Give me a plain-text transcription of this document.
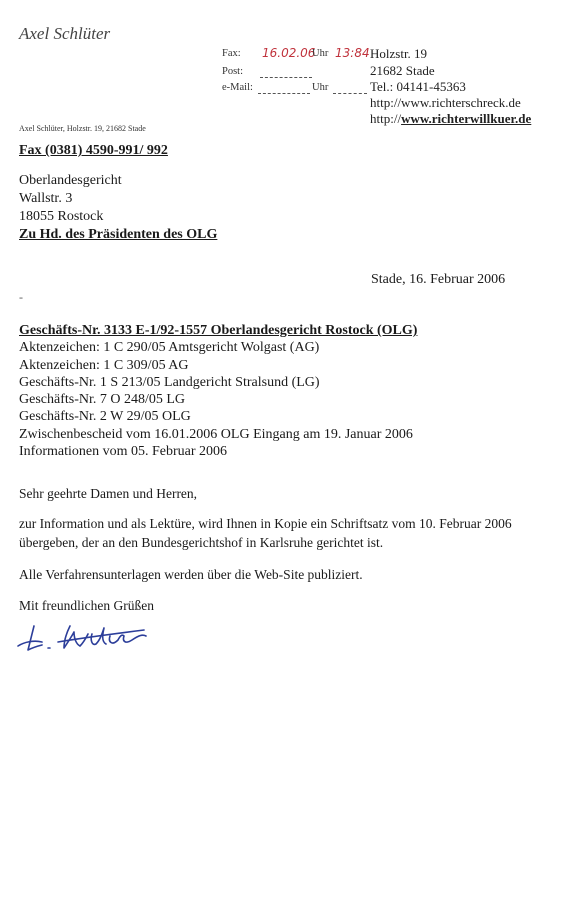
Axel Schlüter
Fax: 16.02.06
Uhr 13:84
Post:
e-Mail:	Uhr
Holzstr. 19
21682 Stade
Tel.: 04141-45363
http://www.richterschreck.de
http://www.richterwillkuer.de
Axel Schlüter, Holzstr. 19, 21682 Stade
Fax (0381) 4590-991/ 992
Oberlandesgericht
Wallstr. 3
18055 Rostock
Zu Hd. des Präsidenten des OLG
Stade, 16. Februar 2006
-
Geschäfts-Nr. 3133 E-1/92-1557 Oberlandesgericht Rostock (OLG)
Aktenzeichen: 1 C 290/05 Amtsgericht Wolgast (AG)
Aktenzeichen: 1 C 309/05 AG
Geschäfts-Nr. 1 S 213/05 Landgericht Stralsund (LG)
Geschäfts-Nr. 7 O 248/05 LG
Geschäfts-Nr. 2 W 29/05 OLG
Zwischenbescheid vom 16.01.2006 OLG Eingang am 19. Januar 2006
Informationen vom 05. Februar 2006
Sehr geehrte Damen und Herren,
zur Information und als Lektüre, wird Ihnen in Kopie ein Schriftsatz vom 10. Februar 2006
übergeben, der an den Bundesgerichtshof in Karlsruhe gerichtet ist.
Alle Verfahrensunterlagen werden über die Web-Site publiziert.
Mit freundlichen Grüßen
